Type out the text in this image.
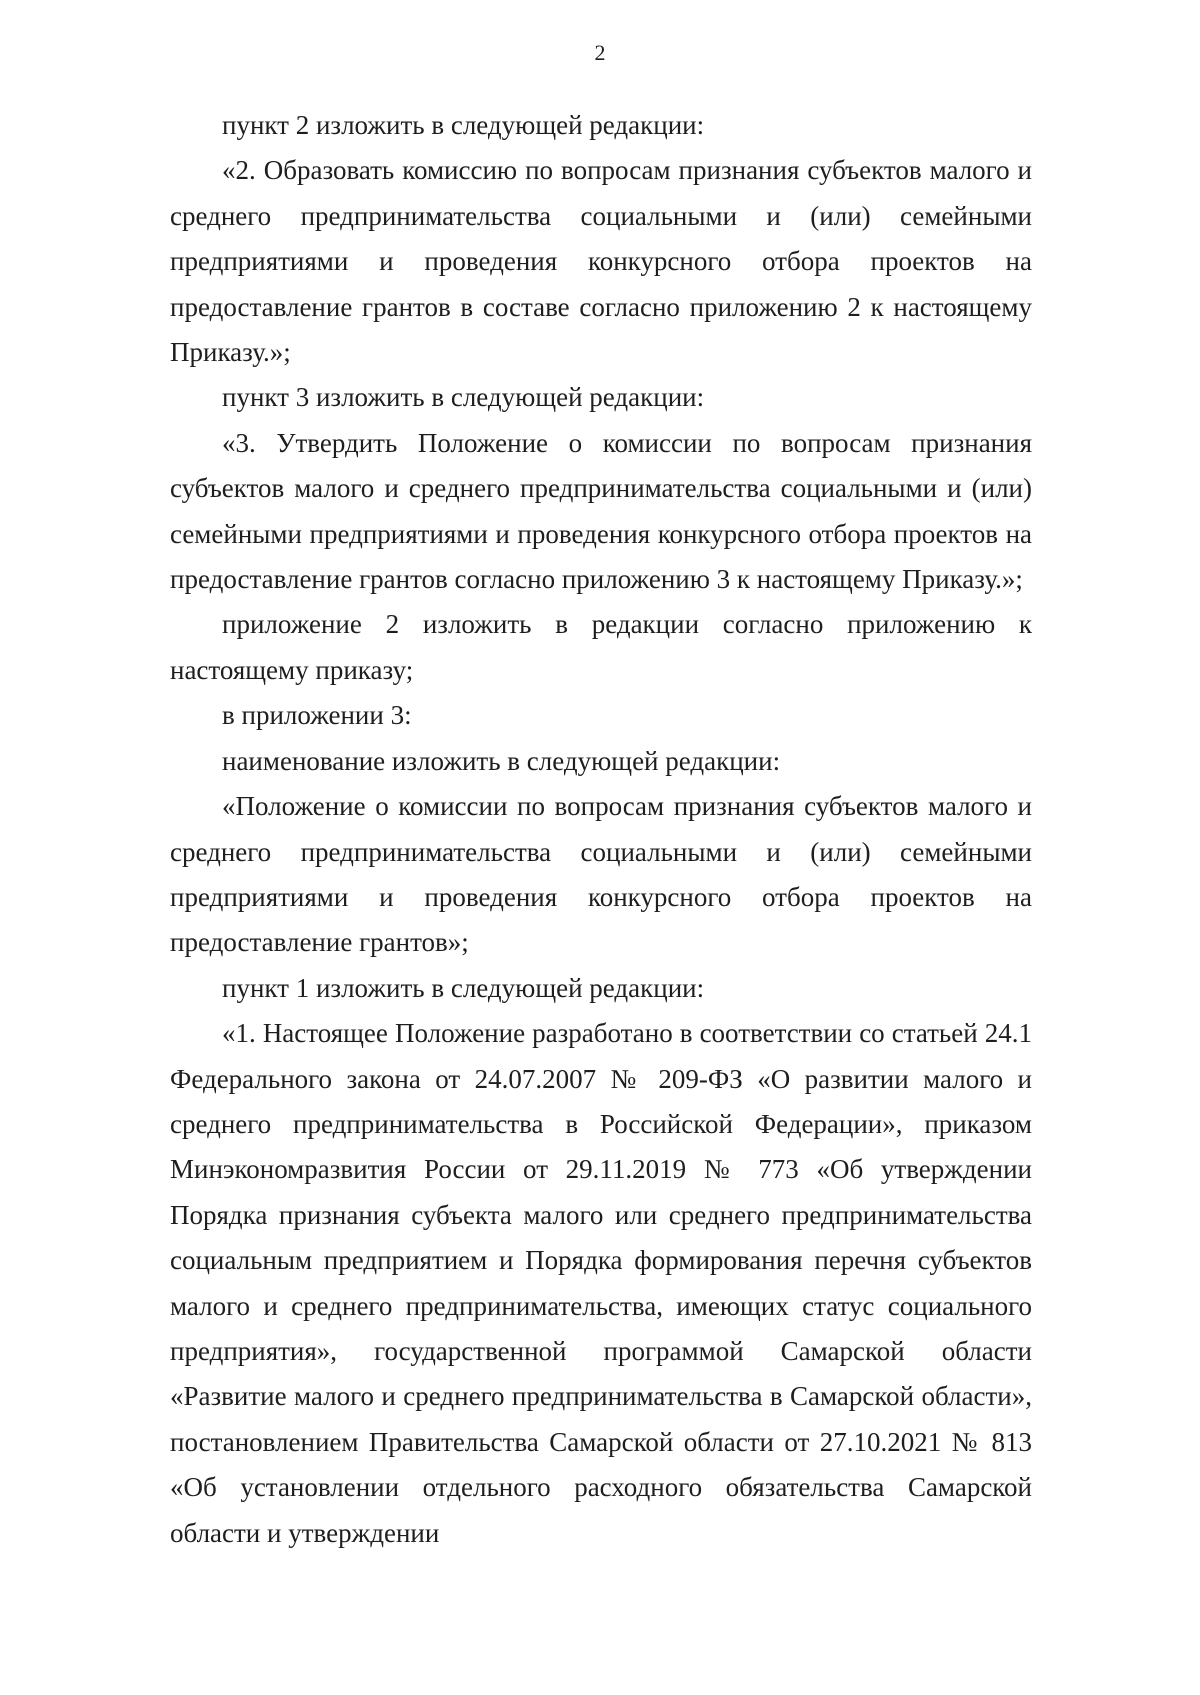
2

пункт 2 изложить в следующей редакции:

«2. Образовать комиссию по вопросам признания субъектов малого и среднего предпринимательства социальными и (или) семейными предприятиями и проведения конкурсного отбора проектов на предоставление грантов в составе согласно приложению 2 к настоящему Приказу.»;

пункт 3 изложить в следующей редакции:

«3. Утвердить Положение о комиссии по вопросам признания субъектов малого и среднего предпринимательства социальными и (или) семейными предприятиями и проведения конкурсного отбора проектов на предоставление грантов согласно приложению 3 к настоящему Приказу.»;

приложение 2 изложить в редакции согласно приложению к настоящему приказу;

в приложении 3:

наименование изложить в следующей редакции:

«Положение о комиссии по вопросам признания субъектов малого и среднего предпринимательства социальными и (или) семейными предприятиями и проведения конкурсного отбора проектов на предоставление грантов»;

пункт 1 изложить в следующей редакции:

«1. Настоящее Положение разработано в соответствии со статьей 24.1 Федерального закона от 24.07.2007 № 209-ФЗ «О развитии малого и среднего предпринимательства в Российской Федерации», приказом Минэкономразвития России от 29.11.2019 № 773 «Об утверждении Порядка признания субъекта малого или среднего предпринимательства социальным предприятием и Порядка формирования перечня субъектов малого и среднего предпринимательства, имеющих статус социального предприятия», государственной программой Самарской области «Развитие малого и среднего предпринимательства в Самарской области», постановлением Правительства Самарской области от 27.10.2021 № 813 «Об установлении отдельного расходного обязательства Самарской области и утверждении
